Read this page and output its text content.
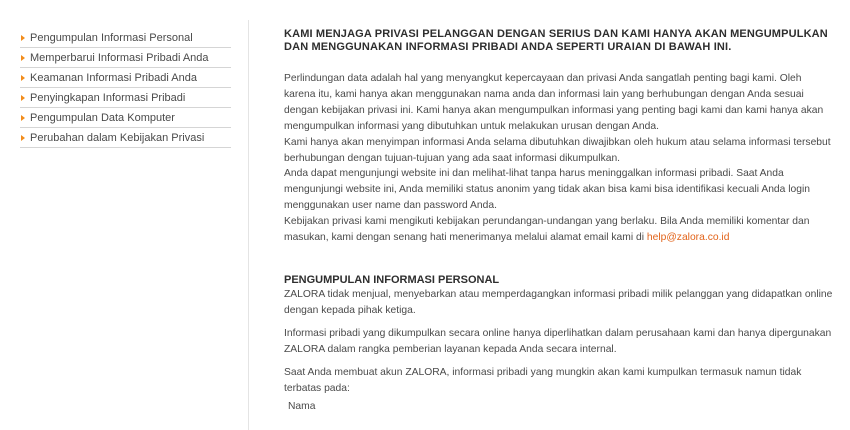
Pengumpulan Informasi Personal
Memperbarui Informasi Pribadi Anda
Keamanan Informasi Pribadi Anda
Penyingkapan Informasi Pribadi
Pengumpulan Data Komputer
Perubahan dalam Kebijakan Privasi
KAMI MENJAGA PRIVASI PELANGGAN DENGAN SERIUS DAN KAMI HANYA AKAN MENGUMPULKAN DAN MENGGUNAKAN INFORMASI PRIBADI ANDA SEPERTI URAIAN DI BAWAH INI.

Perlindungan data adalah hal yang menyangkut kepercayaan dan privasi Anda sangatlah penting bagi kami. Oleh karena itu, kami hanya akan menggunakan nama anda dan informasi lain yang berhubungan dengan Anda sesuai dengan kebijakan privasi ini. Kami hanya akan mengumpulkan informasi yang penting bagi kami dan kami hanya akan mengumpulkan informasi yang dibutuhkan untuk melakukan urusan dengan Anda.

Kami hanya akan menyimpan informasi Anda selama dibutuhkan diwajibkan oleh hukum atau selama informasi tersebut berhubungan dengan tujuan-tujuan yang ada saat informasi dikumpulkan.

Anda dapat mengunjungi website ini dan melihat-lihat tanpa harus meninggalkan informasi pribadi. Saat Anda mengunjungi website ini, Anda memiliki status anonim yang tidak akan bisa kami bisa identifikasi kecuali Anda login menggunakan user name dan password Anda.

Kebijakan privasi kami mengikuti kebijakan perundangan-undangan yang berlaku. Bila Anda memiliki komentar dan masukan, kami dengan senang hati menerimanya melalui alamat email kami di help@zalora.co.id

PENGUMPULAN INFORMASI PERSONAL

ZALORA tidak menjual, menyebarkan atau memperdagangkan informasi pribadi milik pelanggan yang didapatkan online dengan kepada pihak ketiga.

Informasi pribadi yang dikumpulkan secara online hanya diperlihatkan dalam perusahaan kami dan hanya dipergunakan ZALORA dalam rangka pemberian layanan kepada Anda secara internal.

Saat Anda membuat akun ZALORA, informasi pribadi yang mungkin akan kami kumpulkan termasuk namun tidak terbatas pada:

Nama
